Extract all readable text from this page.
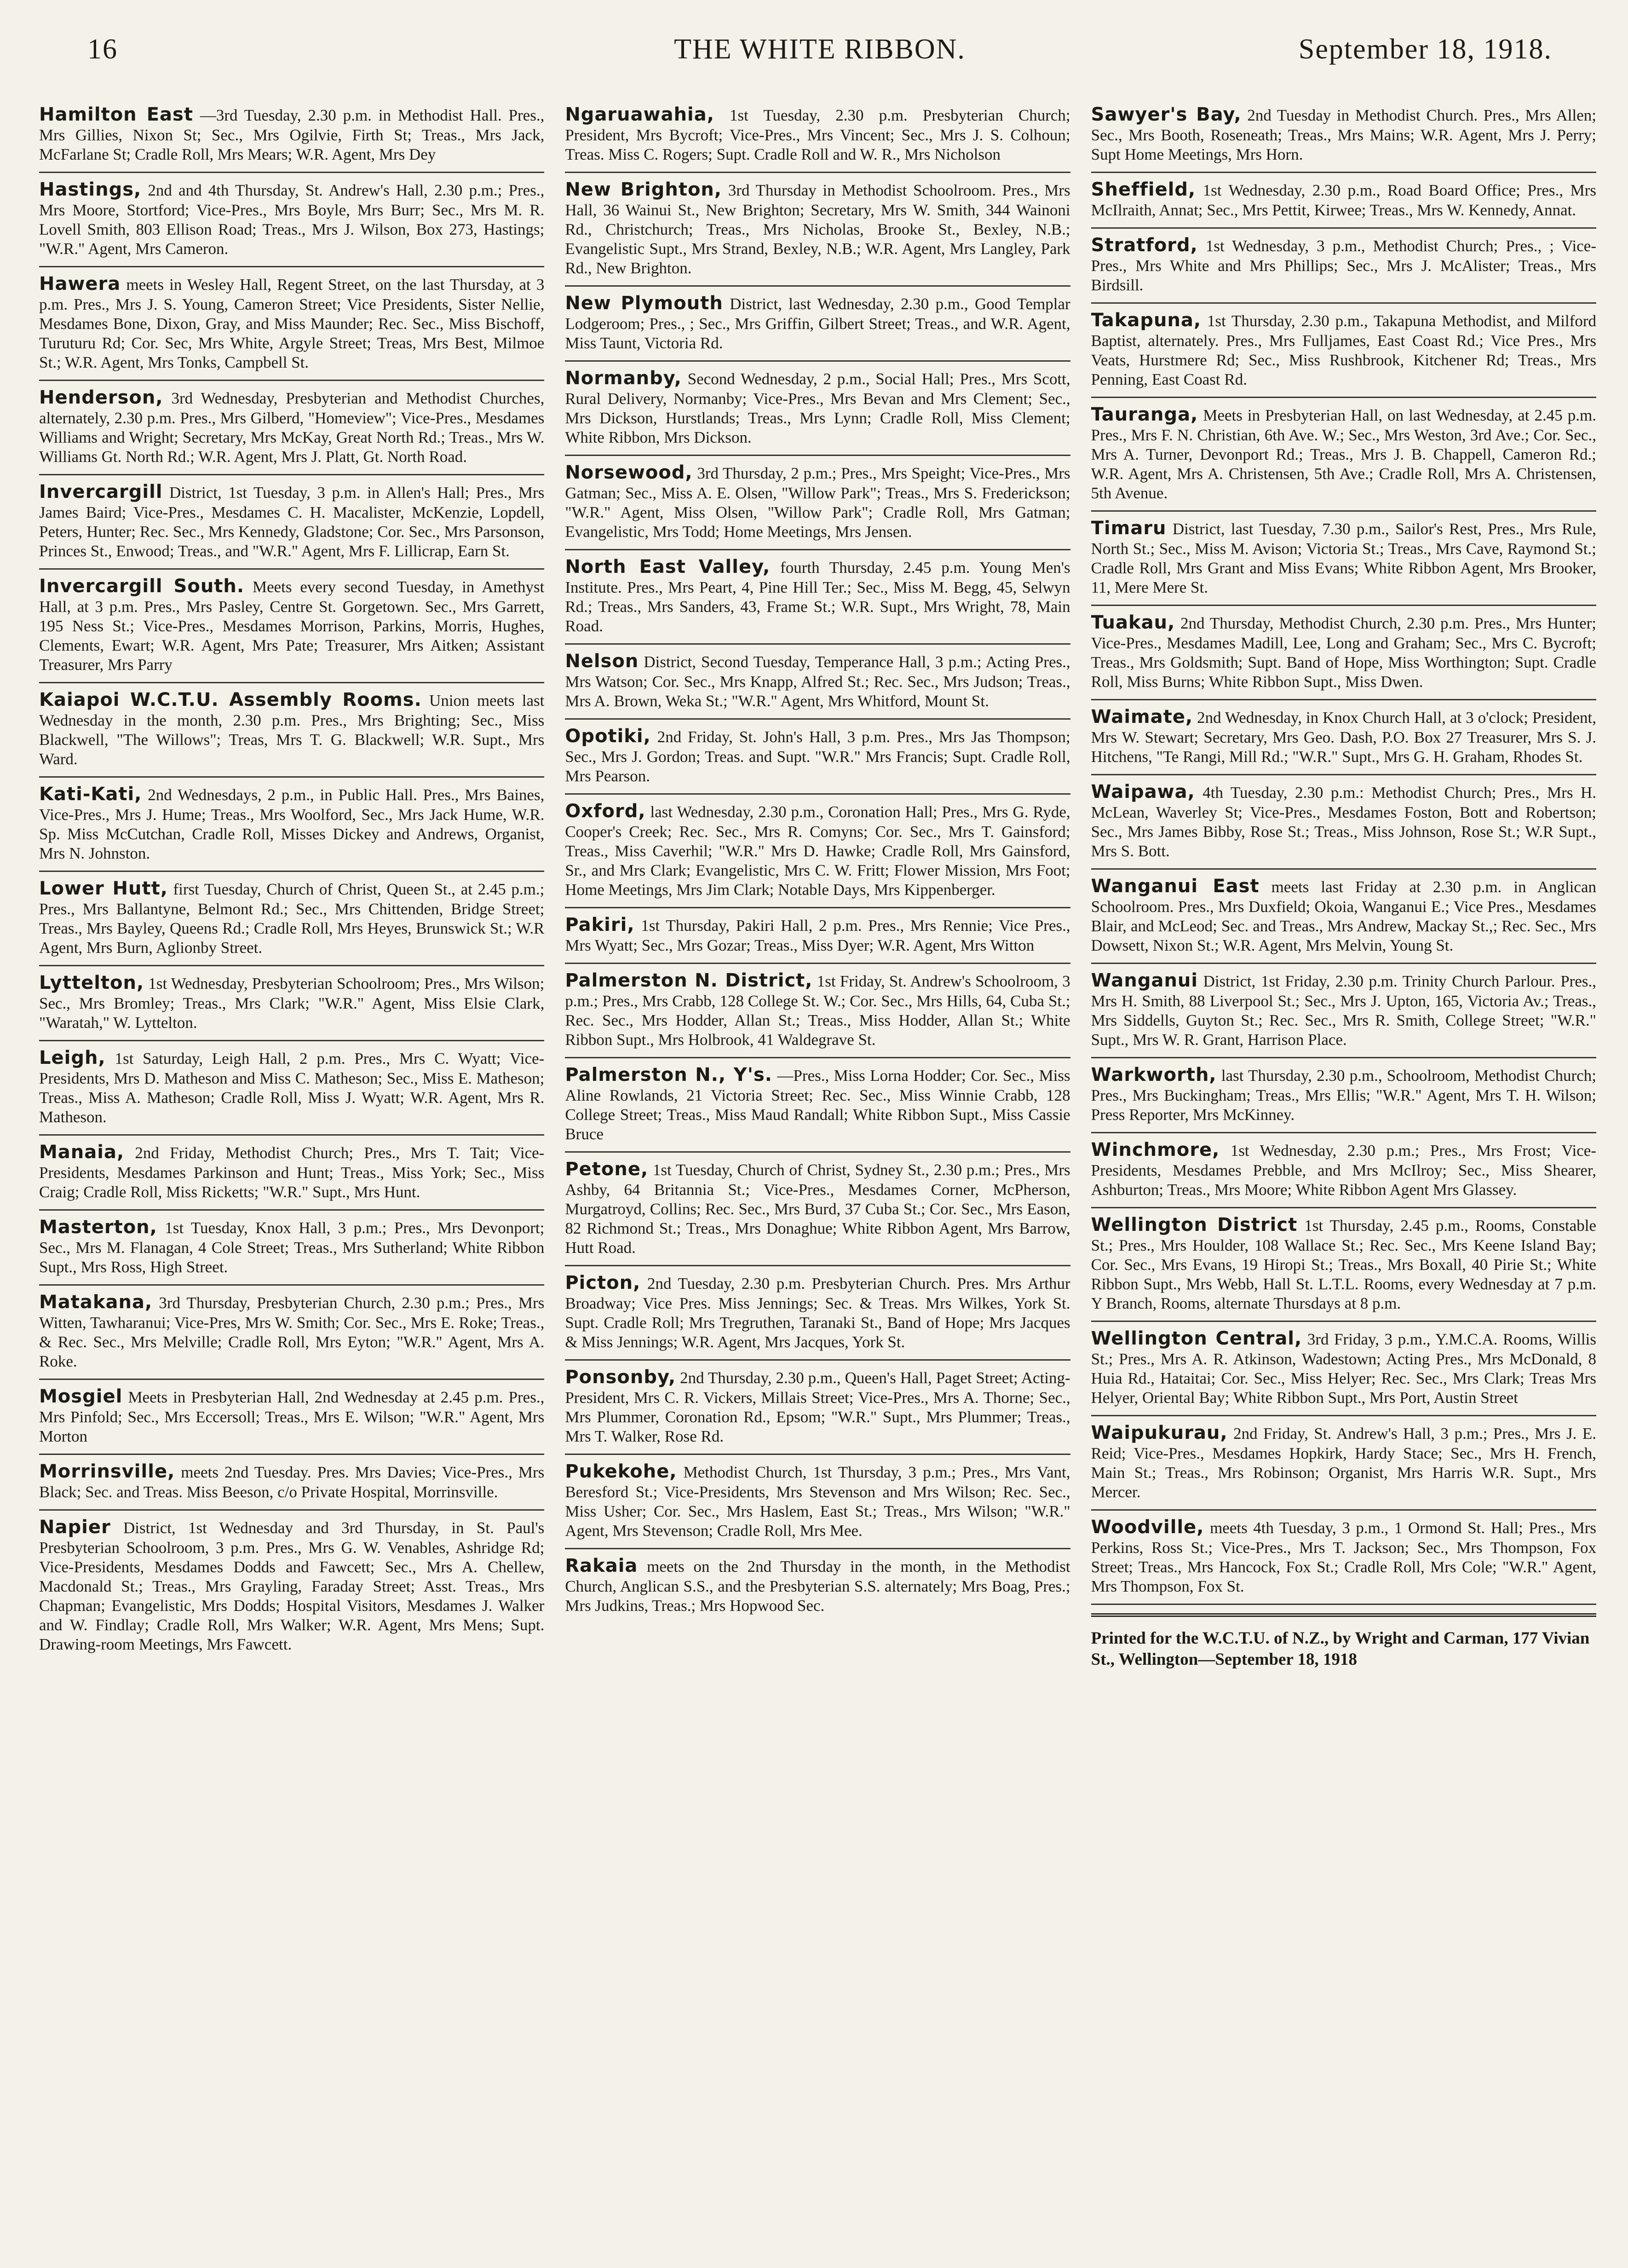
16	THE WHITE RIBBON.	September 18, 1918.
Hamilton East —3rd Tuesday, 2.30 p.m. in Methodist Hall. Pres., Mrs Gillies, Nixon St; Sec., Mrs Ogilvie, Firth St; Treas., Mrs Jack, McFarlane St; Cradle Roll, Mrs Mears; W.R. Agent, Mrs Dey
Hastings, 2nd and 4th Thursday, St. Andrew's Hall, 2.30 p.m.; Pres., Mrs Moore, Stortford; Vice-Pres., Mrs Boyle, Mrs Burr; Sec., Mrs M. R. Lovell Smith, 803 Ellison Road; Treas., Mrs J. Wilson, Box 273, Hastings; "W.R." Agent, Mrs Cameron.
Hawera meets in Wesley Hall, Regent Street, on the last Thursday, at 3 p.m. Pres., Mrs J. S. Young, Cameron Street; Vice Presidents, Sister Nellie, Mesdames Bone, Dixon, Gray, and Miss Maunder; Rec. Sec., Miss Bischoff, Turuturu Rd; Cor. Sec, Mrs White, Argyle Street; Treas, Mrs Best, Milmoe St.; W.R. Agent, Mrs Tonks, Campbell St.
Henderson, 3rd Wednesday, Presbyterian and Methodist Churches, alternately, 2.30 p.m. Pres., Mrs Gilberd, "Homeview"; Vice-Pres., Mesdames Williams and Wright; Secretary, Mrs McKay, Great North Rd.; Treas., Mrs W. Williams Gt. North Rd.; W.R. Agent, Mrs J. Platt, Gt. North Road.
Invercargill District, 1st Tuesday, 3 p.m. in Allen's Hall; Pres., Mrs James Baird; Vice-Pres., Mesdames C. H. Macalister, McKenzie, Lopdell, Peters, Hunter; Rec. Sec., Mrs Kennedy, Gladstone; Cor. Sec., Mrs Parsonson, Princes St., Enwood; Treas., and "W.R." Agent, Mrs F. Lillicrap, Earn St.
Invercargill South. Meets every second Tuesday, in Amethyst Hall, at 3 p.m. Pres., Mrs Pasley, Centre St. Gorgetown. Sec., Mrs Garrett, 195 Ness St.; Vice-Pres., Mesdames Morrison, Parkins, Morris, Hughes, Clements, Ewart; W.R. Agent, Mrs Pate; Treasurer, Mrs Aitken; Assistant Treasurer, Mrs Parry
Kaiapoi W.C.T.U. Assembly Rooms. Union meets last Wednesday in the month, 2.30 p.m. Pres., Mrs Brighting; Sec., Miss Blackwell, "The Willows"; Treas, Mrs T. G. Blackwell; W.R. Supt., Mrs Ward.
Kati-Kati, 2nd Wednesdays, 2 p.m., in Public Hall. Pres., Mrs Baines, Vice-Pres., Mrs J. Hume; Treas., Mrs Woolford, Sec., Mrs Jack Hume, W.R. Sp. Miss McCutchan, Cradle Roll, Misses Dickey and Andrews, Organist, Mrs N. Johnston.
Lower Hutt, first Tuesday, Church of Christ, Queen St., at 2.45 p.m.; Pres., Mrs Ballantyne, Belmont Rd.; Sec., Mrs Chittenden, Bridge Street; Treas., Mrs Bayley, Queens Rd.; Cradle Roll, Mrs Heyes, Brunswick St.; W.R Agent, Mrs Burn, Aglionby Street.
Lyttelton, 1st Wednesday, Presbyterian Schoolroom; Pres., Mrs Wilson; Sec., Mrs Bromley; Treas., Mrs Clark; "W.R." Agent, Miss Elsie Clark, "Waratah," W. Lyttelton.
Leigh, 1st Saturday, Leigh Hall, 2 p.m. Pres., Mrs C. Wyatt; Vice-Presidents, Mrs D. Matheson and Miss C. Matheson; Sec., Miss E. Matheson; Treas., Miss A. Matheson; Cradle Roll, Miss J. Wyatt; W.R. Agent, Mrs R. Matheson.
Manaia, 2nd Friday, Methodist Church; Pres., Mrs T. Tait; Vice-Presidents, Mesdames Parkinson and Hunt; Treas., Miss York; Sec., Miss Craig; Cradle Roll, Miss Ricketts; "W.R." Supt., Mrs Hunt.
Masterton, 1st Tuesday, Knox Hall, 3 p.m.; Pres., Mrs Devonport; Sec., Mrs M. Flanagan, 4 Cole Street; Treas., Mrs Sutherland; White Ribbon Supt., Mrs Ross, High Street.
Matakana, 3rd Thursday, Presbyterian Church, 2.30 p.m.; Pres., Mrs Witten, Tawharanui; Vice-Pres, Mrs W. Smith; Cor. Sec., Mrs E. Roke; Treas., & Rec. Sec., Mrs Melville; Cradle Roll, Mrs Eyton; "W.R." Agent, Mrs A. Roke.
Mosgiel Meets in Presbyterian Hall, 2nd Wednesday at 2.45 p.m. Pres., Mrs Pinfold; Sec., Mrs Eccersoll; Treas., Mrs E. Wilson; "W.R." Agent, Mrs Morton
Morrinsville, meets 2nd Tuesday. Pres. Mrs Davies; Vice-Pres., Mrs Black; Sec. and Treas. Miss Beeson, c/o Private Hospital, Morrinsville.
Napier District, 1st Wednesday and 3rd Thursday, in St. Paul's Presbyterian Schoolroom, 3 p.m. Pres., Mrs G. W. Venables, Ashridge Rd; Vice-Presidents, Mesdames Dodds and Fawcett; Sec., Mrs A. Chellew, Macdonald St.; Treas., Mrs Grayling, Faraday Street; Asst. Treas., Mrs Chapman; Evangelistic, Mrs Dodds; Hospital Visitors, Mesdames J. Walker and W. Findlay; Cradle Roll, Mrs Walker; W.R. Agent, Mrs Mens; Supt. Drawing-room Meetings, Mrs Fawcett.
Ngaruawahia, 1st Tuesday, 2.30 p.m. Presbyterian Church; President, Mrs Bycroft; Vice-Pres., Mrs Vincent; Sec., Mrs J. S. Colhoun; Treas. Miss C. Rogers; Supt. Cradle Roll and W. R., Mrs Nicholson
New Brighton, 3rd Thursday in Methodist Schoolroom. Pres., Mrs Hall, 36 Wainui St., New Brighton; Secretary, Mrs W. Smith, 344 Wainoni Rd., Christchurch; Treas., Mrs Nicholas, Brooke St., Bexley, N.B.; Evangelistic Supt., Mrs Strand, Bexley, N.B.; W.R. Agent, Mrs Langley, Park Rd., New Brighton.
New Plymouth District, last Wednesday, 2.30 p.m., Good Templar Lodgeroom; Pres., ; Sec., Mrs Griffin, Gilbert Street; Treas., and W.R. Agent, Miss Taunt, Victoria Rd.
Normanby, Second Wednesday, 2 p.m., Social Hall; Pres., Mrs Scott, Rural Delivery, Normanby; Vice-Pres., Mrs Bevan and Mrs Clement; Sec., Mrs Dickson, Hurstlands; Treas., Mrs Lynn; Cradle Roll, Miss Clement; White Ribbon, Mrs Dickson.
Norsewood, 3rd Thursday, 2 p.m.; Pres., Mrs Speight; Vice-Pres., Mrs Gatman; Sec., Miss A. E. Olsen, "Willow Park"; Treas., Mrs S. Frederickson; "W.R." Agent, Miss Olsen, "Willow Park"; Cradle Roll, Mrs Gatman; Evangelistic, Mrs Todd; Home Meetings, Mrs Jensen.
North East Valley, fourth Thursday, 2.45 p.m. Young Men's Institute. Pres., Mrs Peart, 4, Pine Hill Ter.; Sec., Miss M. Begg, 45, Selwyn Rd.; Treas., Mrs Sanders, 43, Frame St.; W.R. Supt., Mrs Wright, 78, Main Road.
Nelson District, Second Tuesday, Temperance Hall, 3 p.m.; Acting Pres., Mrs Watson; Cor. Sec., Mrs Knapp, Alfred St.; Rec. Sec., Mrs Judson; Treas., Mrs A. Brown, Weka St.; "W.R." Agent, Mrs Whitford, Mount St.
Opotiki, 2nd Friday, St. John's Hall, 3 p.m. Pres., Mrs Jas Thompson; Sec., Mrs J. Gordon; Treas. and Supt. "W.R." Mrs Francis; Supt. Cradle Roll, Mrs Pearson.
Oxford, last Wednesday, 2.30 p.m., Coronation Hall; Pres., Mrs G. Ryde, Cooper's Creek; Rec. Sec., Mrs R. Comyns; Cor. Sec., Mrs T. Gainsford; Treas., Miss Caverhil; "W.R." Mrs D. Hawke; Cradle Roll, Mrs Gainsford, Sr., and Mrs Clark; Evangelistic, Mrs C. W. Fritt; Flower Mission, Mrs Foot; Home Meetings, Mrs Jim Clark; Notable Days, Mrs Kippenberger.
Pakiri, 1st Thursday, Pakiri Hall, 2 p.m. Pres., Mrs Rennie; Vice Pres., Mrs Wyatt; Sec., Mrs Gozar; Treas., Miss Dyer; W.R. Agent, Mrs Witton
Palmerston N. District, 1st Friday, St. Andrew's Schoolroom, 3 p.m.; Pres., Mrs Crabb, 128 College St. W.; Cor. Sec., Mrs Hills, 64, Cuba St.; Rec. Sec., Mrs Hodder, Allan St.; Treas., Miss Hodder, Allan St.; White Ribbon Supt., Mrs Holbrook, 41 Waldegrave St.
Palmerston N., Y's. —Pres., Miss Lorna Hodder; Cor. Sec., Miss Aline Rowlands, 21 Victoria Street; Rec. Sec., Miss Winnie Crabb, 128 College Street; Treas., Miss Maud Randall; White Ribbon Supt., Miss Cassie Bruce
Petone, 1st Tuesday, Church of Christ, Sydney St., 2.30 p.m.; Pres., Mrs Ashby, 64 Britannia St.; Vice-Pres., Mesdames Corner, McPherson, Murgatroyd, Collins; Rec. Sec., Mrs Burd, 37 Cuba St.; Cor. Sec., Mrs Eason, 82 Richmond St.; Treas., Mrs Donaghue; White Ribbon Agent, Mrs Barrow, Hutt Road.
Picton, 2nd Tuesday, 2.30 p.m. Presbyterian Church. Pres. Mrs Arthur Broadway; Vice Pres. Miss Jennings; Sec. & Treas. Mrs Wilkes, York St. Supt. Cradle Roll; Mrs Tregruthen, Taranaki St., Band of Hope; Mrs Jacques & Miss Jennings; W.R. Agent, Mrs Jacques, York St.
Ponsonby, 2nd Thursday, 2.30 p.m., Queen's Hall, Paget Street; Acting-President, Mrs C. R. Vickers, Millais Street; Vice-Pres., Mrs A. Thorne; Sec., Mrs Plummer, Coronation Rd., Epsom; "W.R." Supt., Mrs Plummer; Treas., Mrs T. Walker, Rose Rd.
Pukekohe, Methodist Church, 1st Thursday, 3 p.m.; Pres., Mrs Vant, Beresford St.; Vice-Presidents, Mrs Stevenson and Mrs Wilson; Rec. Sec., Miss Usher; Cor. Sec., Mrs Haslem, East St.; Treas., Mrs Wilson; "W.R." Agent, Mrs Stevenson; Cradle Roll, Mrs Mee.
Rakaia meets on the 2nd Thursday in the month, in the Methodist Church, Anglican S.S., and the Presbyterian S.S. alternately; Mrs Boag, Pres.; Mrs Judkins, Treas.; Mrs Hopwood Sec.
Sawyer's Bay, 2nd Tuesday in Methodist Church. Pres., Mrs Allen; Sec., Mrs Booth, Roseneath; Treas., Mrs Mains; W.R. Agent, Mrs J. Perry; Supt Home Meetings, Mrs Horn.
Sheffield, 1st Wednesday, 2.30 p.m., Road Board Office; Pres., Mrs McIlraith, Annat; Sec., Mrs Pettit, Kirwee; Treas., Mrs W. Kennedy, Annat.
Stratford, 1st Wednesday, 3 p.m., Methodist Church; Pres., ; Vice-Pres., Mrs White and Mrs Phillips; Sec., Mrs J. McAlister; Treas., Mrs Birdsill.
Takapuna, 1st Thursday, 2.30 p.m., Takapuna Methodist, and Milford Baptist, alternately. Pres., Mrs Fulljames, East Coast Rd.; Vice Pres., Mrs Veats, Hurstmere Rd; Sec., Miss Rushbrook, Kitchener Rd; Treas., Mrs Penning, East Coast Rd.
Tauranga, Meets in Presbyterian Hall, on last Wednesday, at 2.45 p.m. Pres., Mrs F. N. Christian, 6th Ave. W.; Sec., Mrs Weston, 3rd Ave.; Cor. Sec., Mrs A. Turner, Devonport Rd.; Treas., Mrs J. B. Chappell, Cameron Rd.; W.R. Agent, Mrs A. Christensen, 5th Ave.; Cradle Roll, Mrs A. Christensen, 5th Avenue.
Timaru District, last Tuesday, 7.30 p.m., Sailor's Rest, Pres., Mrs Rule, North St.; Sec., Miss M. Avison; Victoria St.; Treas., Mrs Cave, Raymond St.; Cradle Roll, Mrs Grant and Miss Evans; White Ribbon Agent, Mrs Brooker, 11, Mere Mere St.
Tuakau, 2nd Thursday, Methodist Church, 2.30 p.m. Pres., Mrs Hunter; Vice-Pres., Mesdames Madill, Lee, Long and Graham; Sec., Mrs C. Bycroft; Treas., Mrs Goldsmith; Supt. Band of Hope, Miss Worthington; Supt. Cradle Roll, Miss Burns; White Ribbon Supt., Miss Dwen.
Waimate, 2nd Wednesday, in Knox Church Hall, at 3 o'clock; President, Mrs W. Stewart; Secretary, Mrs Geo. Dash, P.O. Box 27 Treasurer, Mrs S. J. Hitchens, "Te Rangi, Mill Rd.; "W.R." Supt., Mrs G. H. Graham, Rhodes St.
Waipawa, 4th Tuesday, 2.30 p.m.: Methodist Church; Pres., Mrs H. McLean, Waverley St; Vice-Pres., Mesdames Foston, Bott and Robertson; Sec., Mrs James Bibby, Rose St.; Treas., Miss Johnson, Rose St.; W.R Supt., Mrs S. Bott.
Wanganui East meets last Friday at 2.30 p.m. in Anglican Schoolroom. Pres., Mrs Duxfield; Okoia, Wanganui E.; Vice Pres., Mesdames Blair, and McLeod; Sec. and Treas., Mrs Andrew, Mackay St.,; Rec. Sec., Mrs Dowsett, Nixon St.; W.R. Agent, Mrs Melvin, Young St.
Wanganui District, 1st Friday, 2.30 p.m. Trinity Church Parlour. Pres., Mrs H. Smith, 88 Liverpool St.; Sec., Mrs J. Upton, 165, Victoria Av.; Treas., Mrs Siddells, Guyton St.; Rec. Sec., Mrs R. Smith, College Street; "W.R." Supt., Mrs W. R. Grant, Harrison Place.
Warkworth, last Thursday, 2.30 p.m., Schoolroom, Methodist Church; Pres., Mrs Buckingham; Treas., Mrs Ellis; "W.R." Agent, Mrs T. H. Wilson; Press Reporter, Mrs McKinney.
Winchmore, 1st Wednesday, 2.30 p.m.; Pres., Mrs Frost; Vice-Presidents, Mesdames Prebble, and Mrs McIlroy; Sec., Miss Shearer, Ashburton; Treas., Mrs Moore; White Ribbon Agent Mrs Glassey.
Wellington District 1st Thursday, 2.45 p.m., Rooms, Constable St.; Pres., Mrs Houlder, 108 Wallace St.; Rec. Sec., Mrs Keene Island Bay; Cor. Sec., Mrs Evans, 19 Hiropi St.; Treas., Mrs Boxall, 40 Pirie St.; White Ribbon Supt., Mrs Webb, Hall St. L.T.L. Rooms, every Wednesday at 7 p.m. Y Branch, Rooms, alternate Thursdays at 8 p.m.
Wellington Central, 3rd Friday, 3 p.m., Y.M.C.A. Rooms, Willis St.; Pres., Mrs A. R. Atkinson, Wadestown; Acting Pres., Mrs McDonald, 8 Huia Rd., Hataitai; Cor. Sec., Miss Helyer; Rec. Sec., Mrs Clark; Treas Mrs Helyer, Oriental Bay; White Ribbon Supt., Mrs Port, Austin Street
Waipukurau, 2nd Friday, St. Andrew's Hall, 3 p.m.; Pres., Mrs J. E. Reid; Vice-Pres., Mesdames Hopkirk, Hardy Stace; Sec., Mrs H. French, Main St.; Treas., Mrs Robinson; Organist, Mrs Harris W.R. Supt., Mrs Mercer.
Woodville, meets 4th Tuesday, 3 p.m., 1 Ormond St. Hall; Pres., Mrs Perkins, Ross St.; Vice-Pres., Mrs T. Jackson; Sec., Mrs Thompson, Fox Street; Treas., Mrs Hancock, Fox St.; Cradle Roll, Mrs Cole; "W.R." Agent, Mrs Thompson, Fox St.
Printed for the W.C.T.U. of N.Z., by Wright and Carman, 177 Vivian St., Wellington—September 18, 1918
